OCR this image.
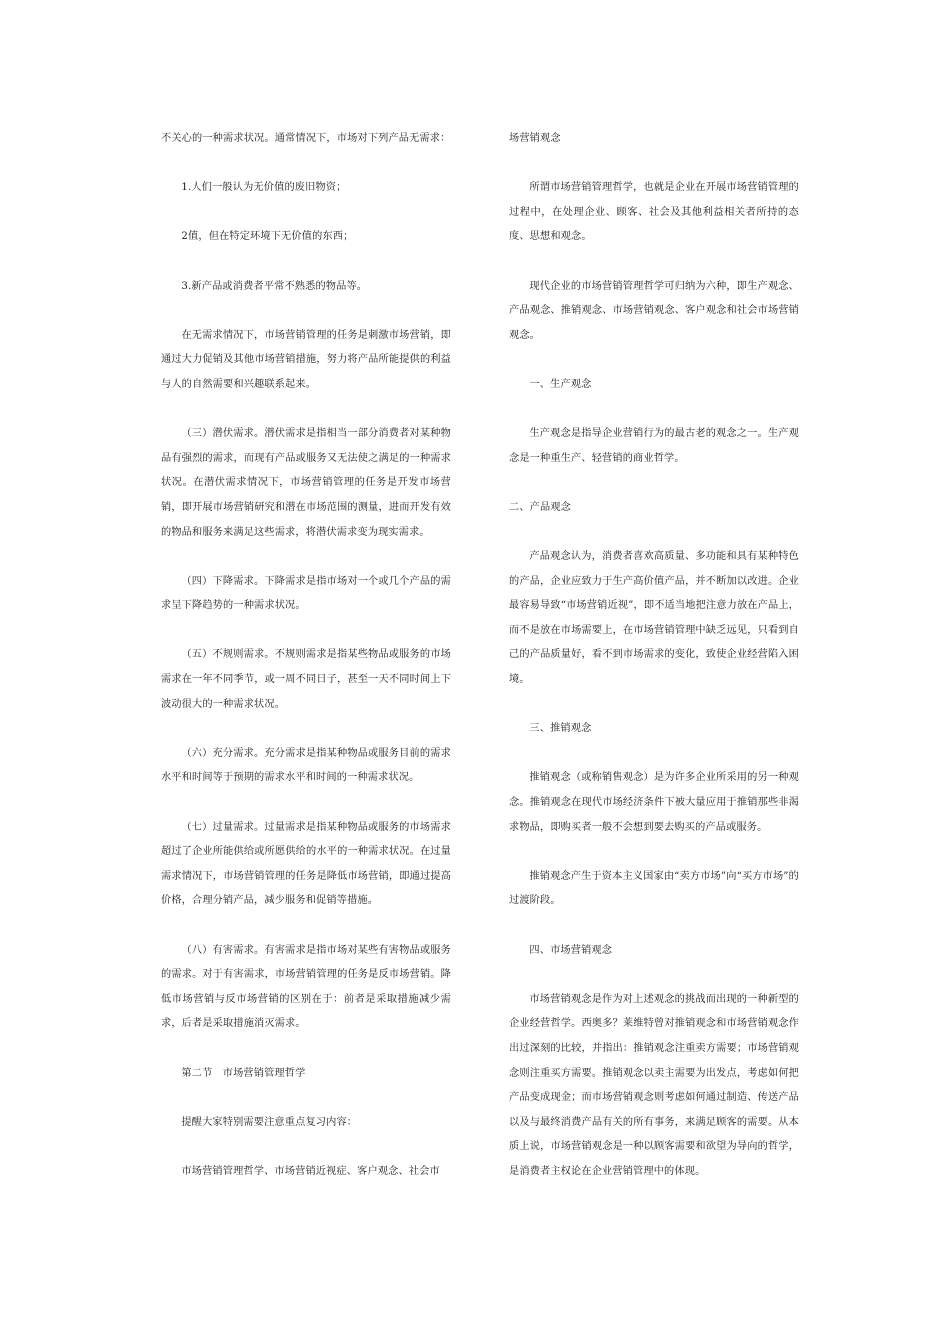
不关心的一种需求状况。通常情况下，市场对下列产品无需求：

1.人们一般认为无价值的废旧物资；

2值，但在特定环境下无价值的东西；

3.新产品或消费者平常不熟悉的物品等。

在无需求情况下，市场营销管理的任务是刺激市场营销，即通过大力促销及其他市场营销措施，努力将产品所能提供的利益与人的自然需要和兴趣联系起来。

（三）潜伏需求。潜伏需求是指相当一部分消费者对某种物品有强烈的需求，而现有产品或服务又无法使之满足的一种需求状况。在潜伏需求情况下，市场营销管理的任务是开发市场营销，即开展市场营销研究和潜在市场范围的测量，进而开发有效的物品和服务来满足这些需求，将潜伏需求变为现实需求。

（四）下降需求。下降需求是指市场对一个或几个产品的需求呈下降趋势的一种需求状况。

（五）不规则需求。不规则需求是指某些物品或服务的市场需求在一年不同季节，或一周不同日子，甚至一天不同时间上下波动很大的一种需求状况。

（六）充分需求。充分需求是指某种物品或服务目前的需求水平和时间等于预期的需求水平和时间的一种需求状况。

（七）过量需求。过量需求是指某种物品或服务的市场需求超过了企业所能供给或所愿供给的水平的一种需求状况。在过量需求情况下，市场营销管理的任务是降低市场营销，即通过提高价格，合理分销产品，减少服务和促销等措施。

（八）有害需求。有害需求是指市场对某些有害物品或服务的需求。对于有害需求，市场营销管理的任务是反市场营销。降低市场营销与反市场营销的区别在于：前者是采取措施减少需求，后者是采取措施消灭需求。

第二节　市场营销管理哲学

提醒大家特别需要注意重点复习内容：

市场营销管理哲学、市场营销近视症、客户观念、社会市

场营销观念

所谓市场营销管理哲学，也就是企业在开展市场营销管理的过程中，在处理企业、顾客、社会及其他利益相关者所持的态度、思想和观念。

现代企业的市场营销管理哲学可归纳为六种，即生产观念、产品观念、推销观念、市场营销观念、客户观念和社会市场营销观念。

一、生产观念

生产观念是指导企业营销行为的最古老的观念之一。生产观念是一种重生产、轻营销的商业哲学。

二、产品观念

产品观念认为，消费者喜欢高质量、多功能和具有某种特色的产品，企业应致力于生产高价值产品，并不断加以改进。企业最容易导致“市场营销近视”，即不适当地把注意力放在产品上，而不是放在市场需要上，在市场营销管理中缺乏远见，只看到自己的产品质量好，看不到市场需求的变化，致使企业经营陷入困境。

三、推销观念

推销观念（或称销售观念）是为许多企业所采用的另一种观念。推销观念在现代市场经济条件下被大量应用于推销那些非渴求物品，即购买者一般不会想到要去购买的产品或服务。

推销观念产生于资本主义国家由“卖方市场”向“买方市场”的过渡阶段。

四、市场营销观念

市场营销观念是作为对上述观念的挑战而出现的一种新型的企业经营哲学。西奥多？莱维特曾对推销观念和市场营销观念作出过深刻的比较，并指出：推销观念注重卖方需要；市场营销观念则注重买方需要。推销观念以卖主需要为出发点，考虑如何把产品变成现金；而市场营销观念则考虑如何通过制造、传送产品以及与最终消费产品有关的所有事务，来满足顾客的需要。从本质上说，市场营销观念是一种以顾客需要和欲望为导向的哲学，是消费者主权论在企业营销管理中的体现。
